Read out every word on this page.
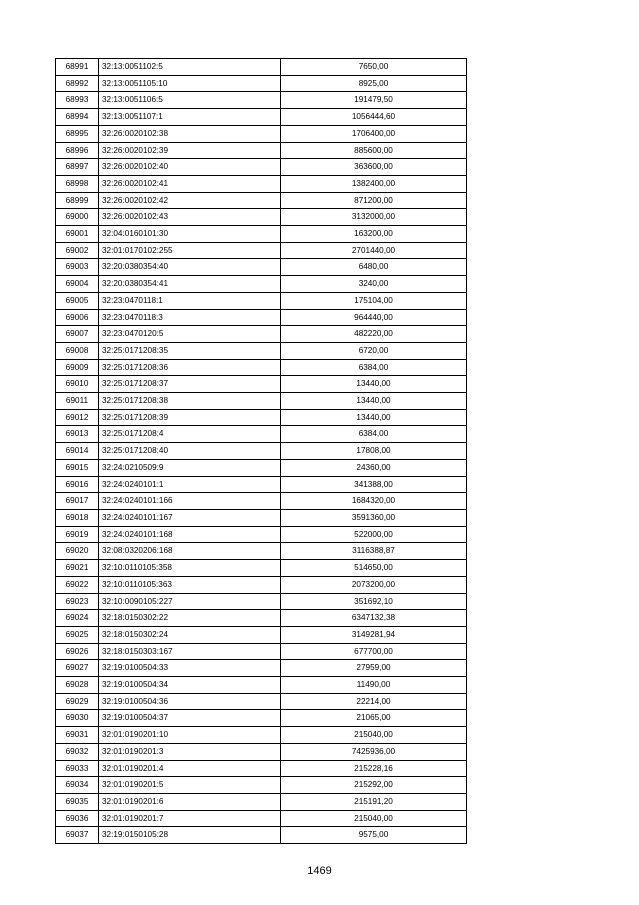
68991	32:13:0051102:5	7650,00
68992	32:13:0051105:10	8925,00
68993	32:13:0051106:5	191479,50
68994	32:13:0051107:1	1056444,60
68995	32:26:0020102:38	1706400,00
68996	32:26:0020102:39	885600,00
68997	32:26:0020102:40	363600,00
68998	32:26:0020102:41	1382400,00
68999	32:26:0020102:42	871200,00
69000	32:26:0020102:43	3132000,00
69001	32:04:0160101:30	163200,00
69002	32:01:0170102:255	2701440,00
69003	32:20:0380354:40	6480,00
69004	32:20:0380354:41	3240,00
69005	32:23:0470118:1	175104,00
69006	32:23:0470118:3	964440,00
69007	32:23:0470120:5	482220,00
69008	32:25:0171208:35	6720,00
69009	32:25:0171208:36	6384,00
69010	32:25:0171208:37	13440,00
69011	32:25:0171208:38	13440,00
69012	32:25:0171208:39	13440,00
69013	32:25:0171208:4	6384,00
69014	32:25:0171208:40	17808,00
69015	32:24:0210509:9	24360,00
69016	32:24:0240101:1	341388,00
69017	32:24:0240101:166	1684320,00
69018	32:24:0240101:167	3591360,00
69019	32:24:0240101:168	522000,00
69020	32:08:0320206:168	3116388,87
69021	32:10:0110105:358	514650,00
69022	32:10:0110105:363	2073200,00
69023	32:10:0090105:227	351692,10
69024	32:18:0150302:22	6347132,38
69025	32:18:0150302:24	3149281,94
69026	32:18:0150303:167	677700,00
69027	32:19:0100504:33	27959,00
69028	32:19:0100504:34	11490,00
69029	32:19:0100504:36	22214,00
69030	32:19:0100504:37	21065,00
69031	32:01:0190201:10	215040,00
69032	32:01:0190201:3	7425936,00
69033	32:01:0190201:4	215228,16
69034	32:01:0190201:5	215292,00
69035	32:01:0190201:6	215191,20
69036	32:01:0190201:7	215040,00
69037	32:19:0150105:28	9575,00
1469
